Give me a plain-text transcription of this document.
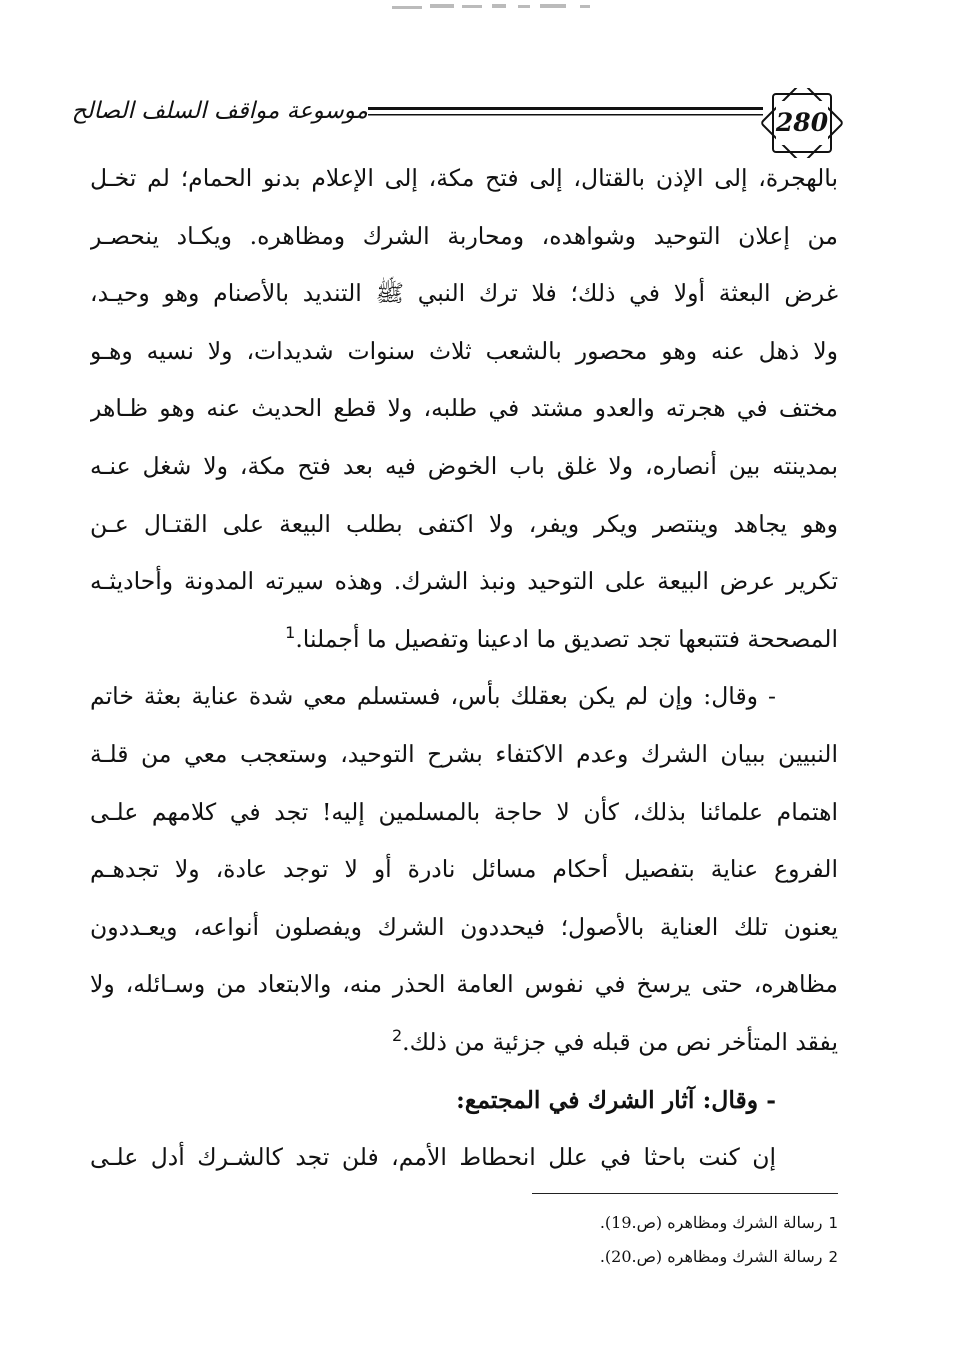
موسوعة مواقف السلف الصالح	280
بالهجرة، إلى الإذن بالقتال، إلى فتح مكة، إلى الإعلام بدنو الحمام؛ لم تخـل
من إعلان التوحيد وشواهده، ومحاربة الشرك ومظاهره. ويكـاد ينحصـر
غرض البعثة أولا في ذلك؛ فلا ترك النبي ﷺ التنديد بالأصنام وهو وحيـد،
ولا ذهل عنه وهو محصور بالشعب ثلاث سنوات شديدات، ولا نسيه وهـو
مختف في هجرته والعدو مشتد في طلبه، ولا قطع الحديث عنه وهو ظـاهر
بمدينته بين أنصاره، ولا غلق باب الخوض فيه بعد فتح مكة، ولا شغل عنـه
وهو يجاهد وينتصر ويكر ويفر، ولا اكتفى بطلب البيعة على القتـال عـن
تكرير عرض البيعة على التوحيد ونبذ الشرك. وهذه سيرته المدونة وأحاديثـه
المصححة فتتبعها تجد تصديق ما ادعينا وتفصيل ما أجملنا.$^1$
- وقال: وإن لم يكن بعقلك بأس، فستسلم معي شدة عناية بعثة خاتم
النبيين ببيان الشرك وعدم الاكتفاء بشرح التوحيد، وستعجب معي من قلـة
اهتمام علمائنا بذلك، كأن لا حاجة بالمسلمين إليه! تجد في كلامهم علـى
الفروع عناية بتفصيل أحكام مسائل نادرة أو لا توجد عادة، ولا تجدهـم
يعنون تلك العناية بالأصول؛ فيحددون الشرك ويفصلون أنواعه، ويعـددون
مظاهره، حتى يرسخ في نفوس العامة الحذر منه، والابتعاد من وسـائله، ولا
يفقد المتأخر نص من قبله في جزئية من ذلك.$^2$
- وقال: آثار الشرك في المجتمع:
إن كنت باحثا في علل انحطاط الأمم، فلن تجد كالشـرك أدل علـى
1رسالة الشرك ومظاهره (ص.19).
2رسالة الشرك ومظاهره (ص.20).
